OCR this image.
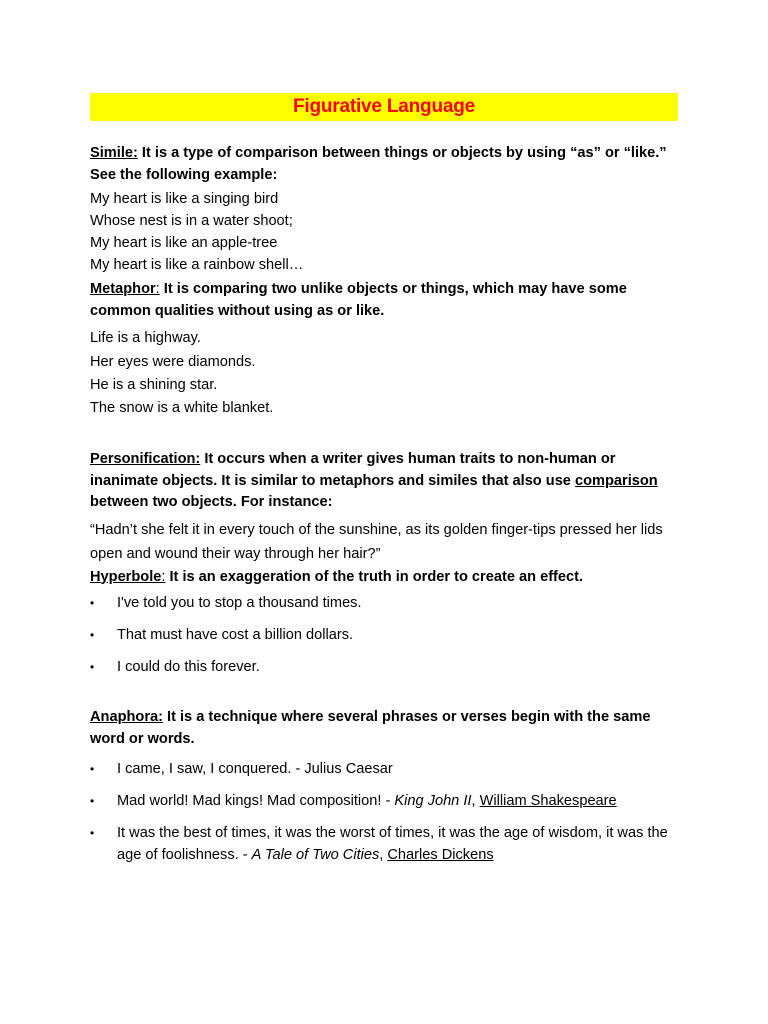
Figurative Language

Simile: It is a type of comparison between things or objects by using “as” or “like.” See the following example:

My heart is like a singing bird

Whose nest is in a water shoot;

My heart is like an apple-tree

My heart is like a rainbow shell…

Metaphor: It is comparing two unlike objects or things, which may have some common qualities without using as or like.

Life is a highway.

Her eyes were diamonds.

He is a shining star.

The snow is a white blanket.

Personification: It occurs when a writer gives human traits to non-human or inanimate objects. It is similar to metaphors and similes that also use comparison between two objects. For instance:

“Hadn’t she felt it in every touch of the sunshine, as its golden finger-tips pressed her lids open and wound their way through her hair?”

Hyperbole: It is an exaggeration of the truth in order to create an effect.

• I've told you to stop a thousand times.
• That must have cost a billion dollars.
• I could do this forever.

Anaphora: It is a technique where several phrases or verses begin with the same word or words.

• I came, I saw, I conquered. - Julius Caesar
• Mad world! Mad kings! Mad composition! - King John II, William Shakespeare
• It was the best of times, it was the worst of times, it was the age of wisdom, it was the age of foolishness. - A Tale of Two Cities, Charles Dickens
